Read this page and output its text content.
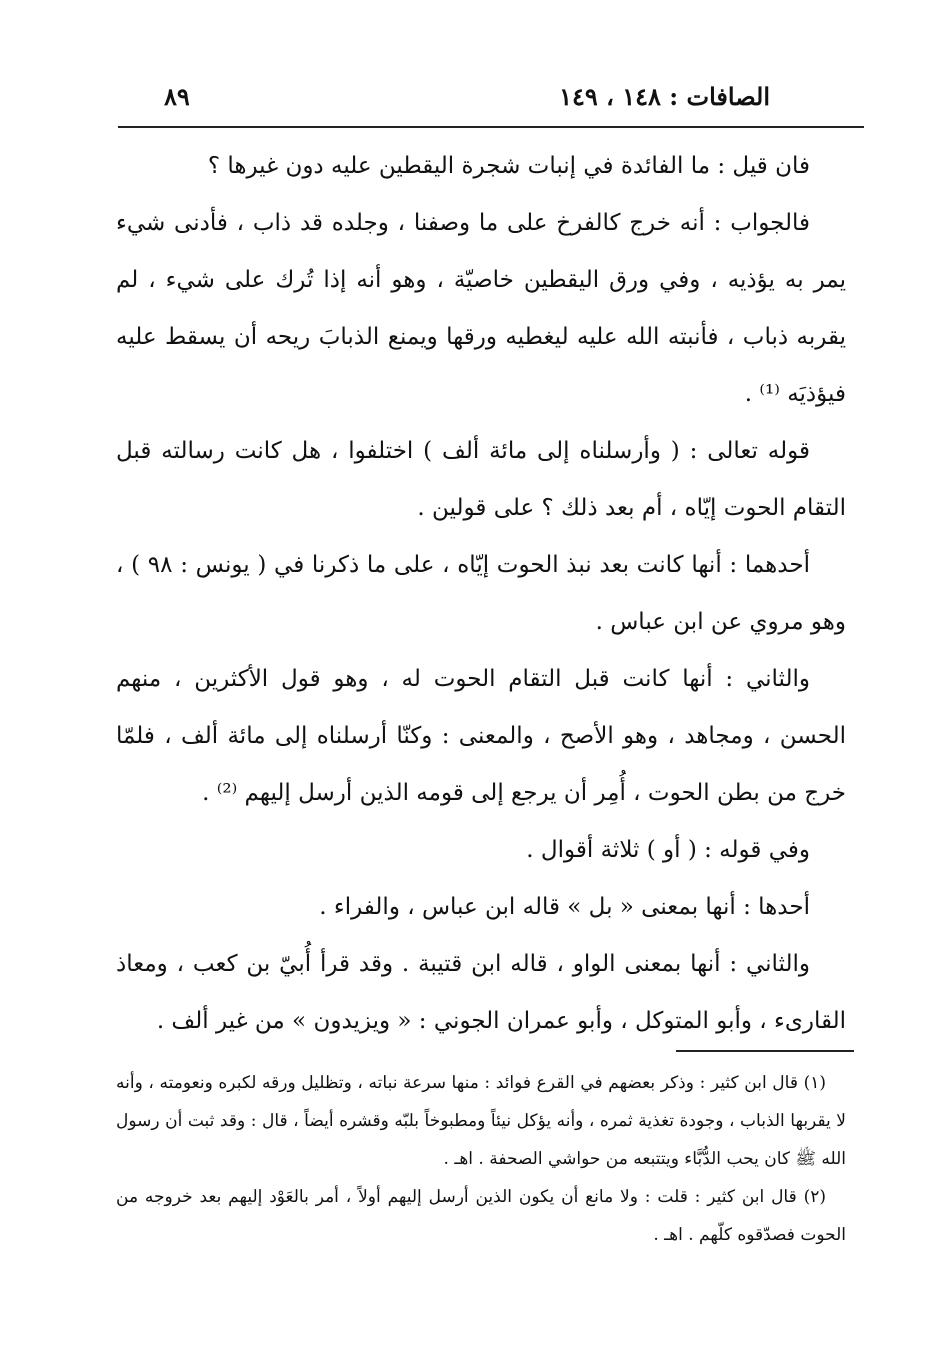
الصافات : ١٤٨ ، ١٤٩
٨٩

فان قيل : ما الفائدة في إنبات شجرة اليقطين عليه دون غيرها ؟

فالجواب : أنه خرج كالفرخ على ما وصفنا ، وجلده قد ذاب ، فأدنى شيء يمر به يؤذيه ، وفي ورق اليقطين خاصيّة ، وهو أنه إذا تُرك على شيء ، لم يقربه ذباب ، فأنبته الله عليه ليغطيه ورقها ويمنع الذبابَ ريحه أن يسقط عليه فيؤذيَه ⁽¹⁾ .

قوله تعالى : ( وأرسلناه إلى مائة ألف ) اختلفوا ، هل كانت رسالته قبل التقام الحوت إيّاه ، أم بعد ذلك ؟ على قولين .

أحدهما : أنها كانت بعد نبذ الحوت إيّاه ، على ما ذكرنا في ( يونس : ٩٨ ) ، وهو مروي عن ابن عباس .

والثاني : أنها كانت قبل التقام الحوت له ، وهو قول الأكثرين ، منهم الحسن ، ومجاهد ، وهو الأصح ، والمعنى : وكنّا أرسلناه إلى مائة ألف ، فلمّا خرج من بطن الحوت ، أُمِر أن يرجع إلى قومه الذين أرسل إليهم ⁽²⁾ .

وفي قوله : ( أو ) ثلاثة أقوال .

أحدها : أنها بمعنى « بل » قاله ابن عباس ، والفراء .

والثاني : أنها بمعنى الواو ، قاله ابن قتيبة . وقد قرأ أُبيّ بن كعب ، ومعاذ القارىء ، وأبو المتوكل ، وأبو عمران الجوني : « ويزيدون » من غير ألف .

(١) قال ابن كثير : وذكر بعضهم في القرع فوائد : منها سرعة نباته ، وتظليل ورقه لكبره ونعومته ، وأنه لا يقربها الذباب ، وجودة تغذية ثمره ، وأنه يؤكل نيئاً ومطبوخاً بلبّه وقشره أيضاً ، قال : وقد ثبت أن رسول الله ﷺ كان يحب الدُّبَّاء ويتتبعه من حواشي الصحفة . اهـ .

(٢) قال ابن كثير : قلت : ولا مانع أن يكون الذين أرسل إليهم أولاً ، أمر بالعَوْد إليهم بعد خروجه من الحوت فصدّقوه كلّهم . اهـ .
